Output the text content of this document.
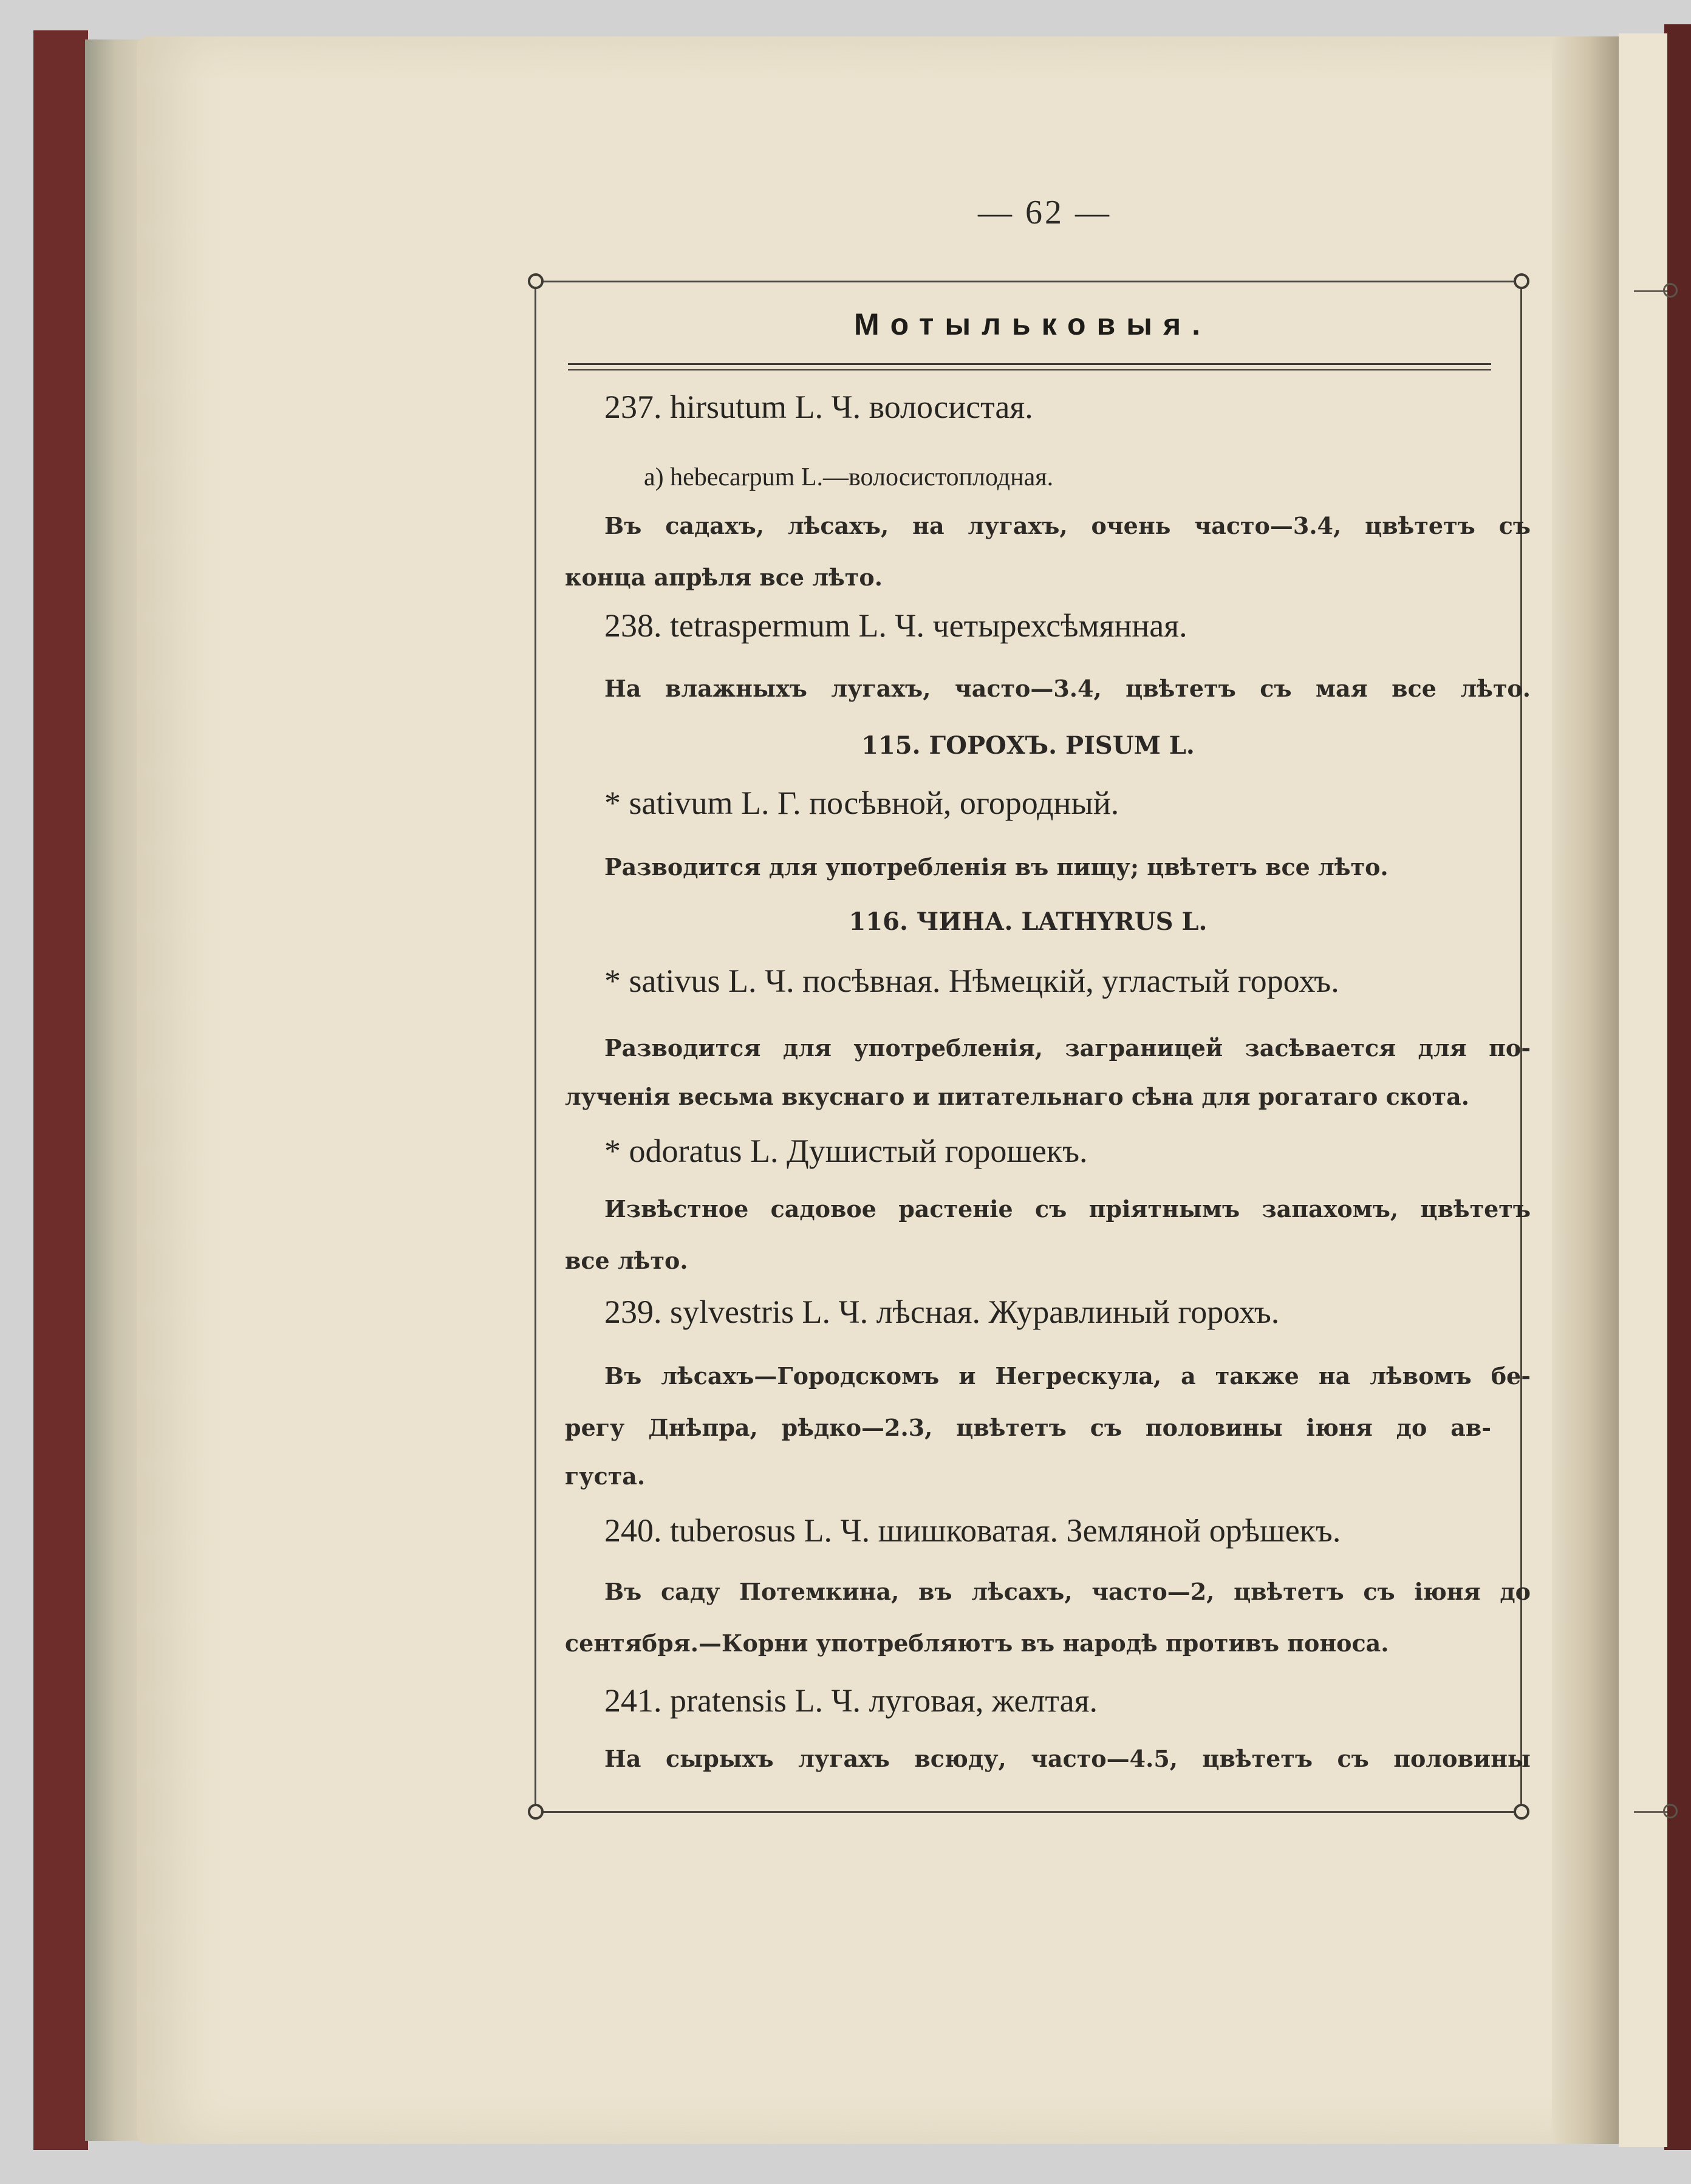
— 62 —
Мотыльковыя.
237. hirsutum L. Ч. волосистая.
a) hebecarpum L.—волосистоплодная.
Въ садахъ, лѣсахъ, на лугахъ, очень часто—3.4, цвѣтетъ съ
конца апрѣля все лѣто.
238. tetraspermum L. Ч. четырехсѣмянная.
На влажныхъ лугахъ, часто—3.4, цвѣтетъ съ мая все лѣто.
115. ГОРОХЪ. PISUM L.
* sativum L. Г. посѣвной, огородный.
Разводится для употребленія въ пищу; цвѣтетъ все лѣто.
116. ЧИНА. LATHYRUS L.
* sativus L. Ч. посѣвная. Нѣмецкій, угластый горохъ.
Разводится для употребленія, заграницей засѣвается для по-
лученія весьма вкуснаго и питательнаго сѣна для рогатаго скота.
* odoratus L. Душистый горошекъ.
Извѣстное садовое растеніе съ пріятнымъ запахомъ, цвѣтетъ
все лѣто.
239. sylvestris L. Ч. лѣсная. Журавлиный горохъ.
Въ лѣсахъ—Городскомъ и Негрескула, а также на лѣвомъ бе-
регу Днѣпра, рѣдко—2.3, цвѣтетъ съ половины іюня до ав-
густа.
240. tuberosus L. Ч. шишковатая. Земляной орѣшекъ.
Въ саду Потемкина, въ лѣсахъ, часто—2, цвѣтетъ съ іюня до
сентября.—Корни употребляютъ въ народѣ противъ поноса.
241. pratensis L. Ч. луговая, желтая.
На сырыхъ лугахъ всюду, часто—4.5, цвѣтетъ съ половины
